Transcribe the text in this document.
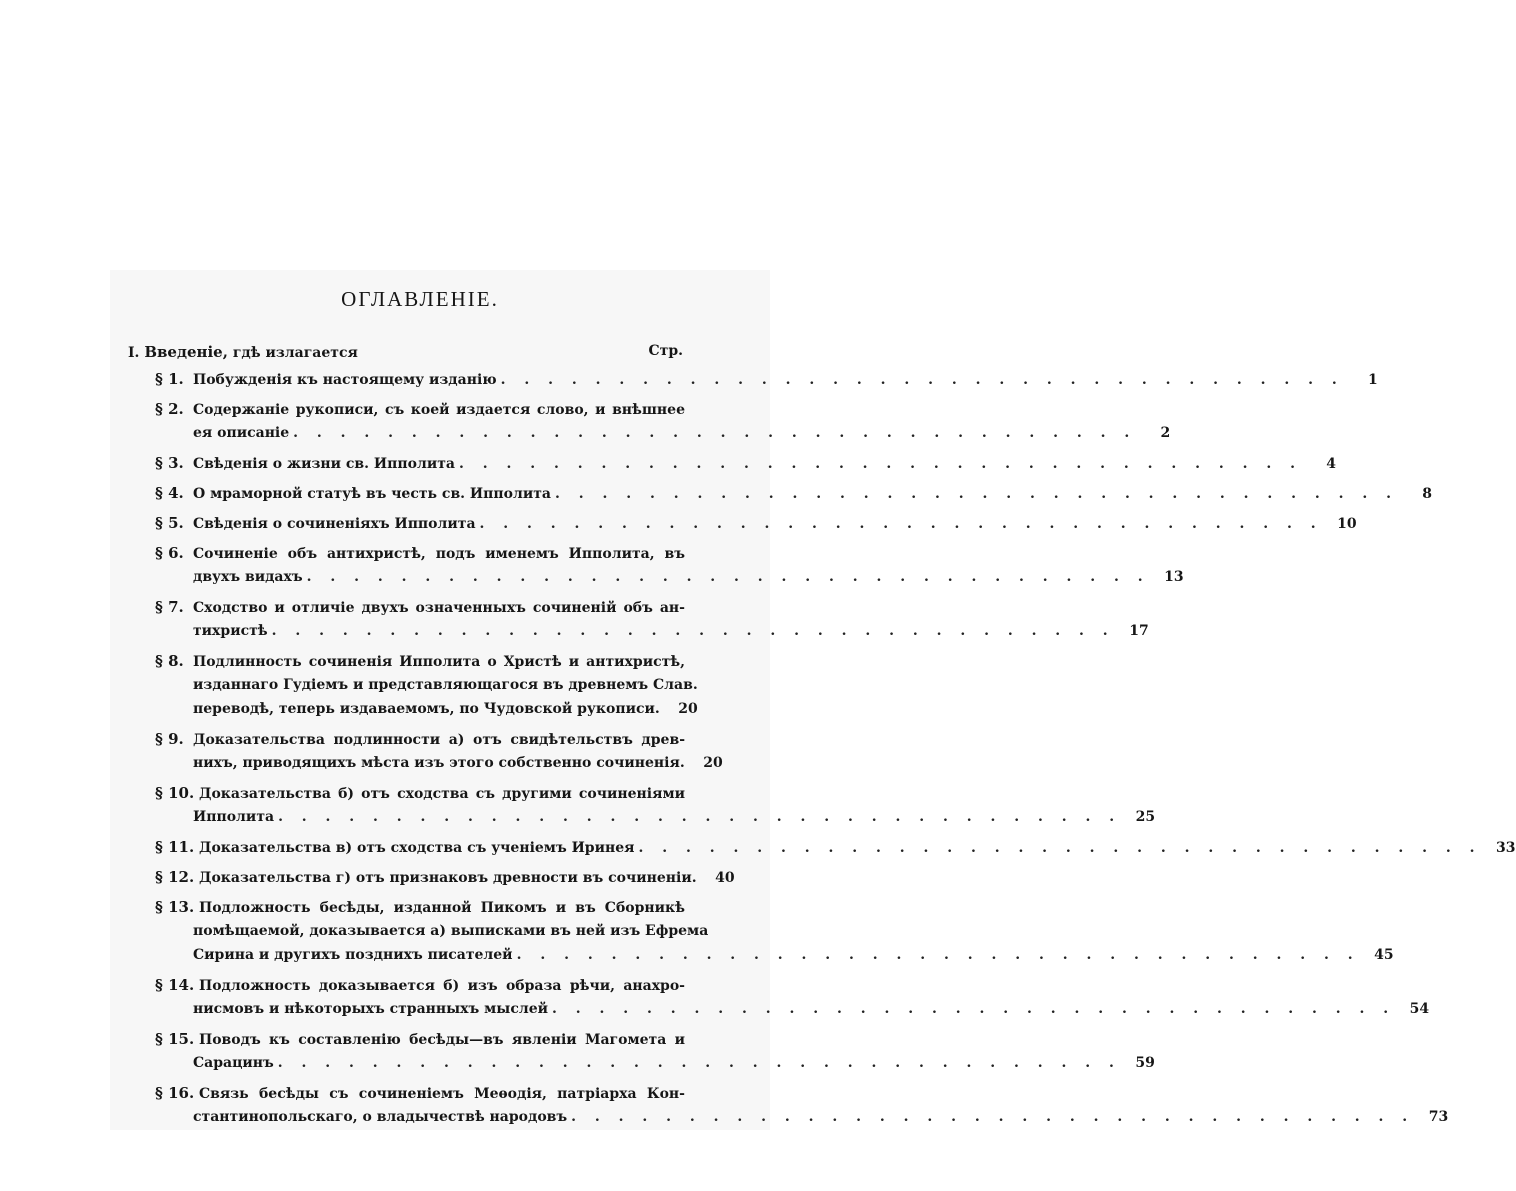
ОГЛАВЛЕНІЕ.
I. Введеніе, гдѣ излагается	Стр.
§ 1. Побужденія къ настоящему изданію . . . . . . . . . . . . . . . . . . . . . . . . . . . . . . . . . . . .	1
§ 2. Содержаніе рукописи, съ коей издается слово, и внѣшнее
ея описаніе . . . . . . . . . . . . . . . . . . . . . . . . . . . . . . . . . . . .	2
§ 3. Свѣденія о жизни св. Ипполита . . . . . . . . . . . . . . . . . . . . . . . . . . . . . . . . . . . .	4
§ 4. О мраморной статуѣ въ честь св. Ипполита . . . . . . . . . . . . . . . . . . . . . . . . . . . . . . . . . . . .	8
§ 5. Свѣденія о сочиненіяхъ Ипполита . . . . . . . . . . . . . . . . . . . . . . . . . . . . . . . . . . . .	10
§ 6. Сочиненіе объ антихристѣ, подъ именемъ Ипполита, въ
двухъ видахъ . . . . . . . . . . . . . . . . . . . . . . . . . . . . . . . . . . . .	13
§ 7. Сходство и отличіе двухъ означенныхъ сочиненій объ ан-
тихристѣ . . . . . . . . . . . . . . . . . . . . . . . . . . . . . . . . . . . .	17
§ 8. Подлинность сочиненія Ипполита о Христѣ и антихристѣ,
изданнаго Гудіемъ и представляющагося въ древнемъ Слав.
переводѣ, теперь издаваемомъ, по Чудовской рукописи.	20
§ 9. Доказательства подлинности а) отъ свидѣтельствъ древ-
нихъ, приводящихъ мѣста изъ этого собственно сочиненія.	20
§ 10. Доказательства б) отъ сходства съ другими сочиненіями
Ипполита . . . . . . . . . . . . . . . . . . . . . . . . . . . . . . . . . . . .	25
§ 11. Доказательства в) отъ сходства съ ученіемъ Иринея . . . . . . . . . . . . . . . . . . . . . . . . . . . . . . . . . . . .	33
§ 12. Доказательства г) отъ признаковъ древности въ сочиненіи.	40
§ 13. Подложность бесѣды, изданной Пикомъ и въ Сборникѣ
помѣщаемой, доказывается а) выписками въ ней изъ Ефрема
Сирина и другихъ позднихъ писателей . . . . . . . . . . . . . . . . . . . . . . . . . . . . . . . . . . . .	45
§ 14. Подложность доказывается б) изъ образа рѣчи, анахро-
нисмовъ и нѣкоторыхъ странныхъ мыслей . . . . . . . . . . . . . . . . . . . . . . . . . . . . . . . . . . . .	54
§ 15. Поводъ къ составленію бесѣды—въ явленіи Магомета и
Сарацинъ . . . . . . . . . . . . . . . . . . . . . . . . . . . . . . . . . . . .	59
§ 16. Связь бесѣды съ сочиненіемъ Меѳодія, патріарха Кон-
стантинопольскаго, о владычествѣ народовъ . . . . . . . . . . . . . . . . . . . . . . . . . . . . . . . . . . . .	73
